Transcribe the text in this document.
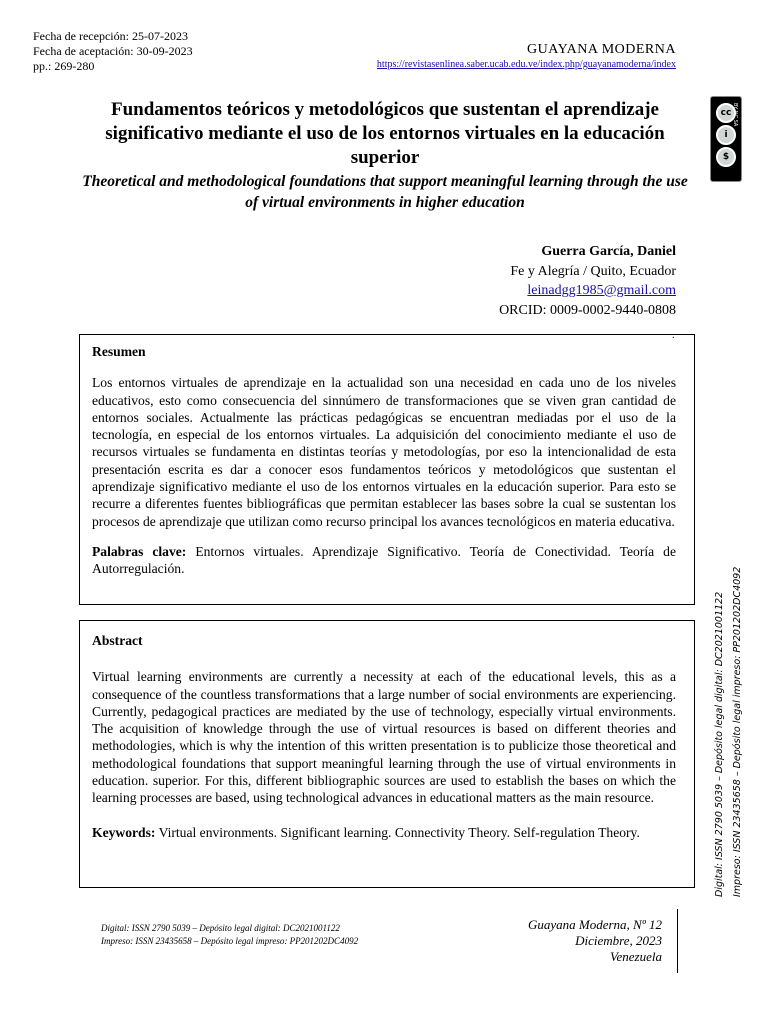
Fecha de recepción: 25-07-2023
Fecha de aceptación: 30-09-2023
pp.: 269-280
GUAYANA MODERNA
https://revistasenlinea.saber.ucab.edu.ve/index.php/guayanamoderna/index
cc
i
$
BY NC SA
Fundamentos teóricos y metodológicos que sustentan el aprendizaje significativo mediante el uso de los entornos virtuales en la educación superior
Theoretical and methodological foundations that support meaningful learning through the use of virtual environments in higher education
Guerra García, Daniel
Fe y Alegría / Quito, Ecuador
leinadgg1985@gmail.com
ORCID: 0009-0002-9440-0808
.
Resumen

Los entornos virtuales de aprendizaje en la actualidad son una necesidad en cada uno de los niveles educativos, esto como consecuencia del sinnúmero de transformaciones que se viven gran cantidad de entornos sociales. Actualmente las prácticas pedagógicas se encuentran mediadas por el uso de la tecnología, en especial de los entornos virtuales. La adquisición del conocimiento mediante el uso de recursos virtuales se fundamenta en distintas teorías y metodologías, por eso la intencionalidad de esta presentación escrita es dar a conocer esos fundamentos teóricos y metodológicos que sustentan el aprendizaje significativo mediante el uso de los entornos virtuales en la educación superior. Para esto se recurre a diferentes fuentes bibliográficas que permitan establecer las bases sobre la cual se sustentan los procesos de aprendizaje que utilizan como recurso principal los avances tecnológicos en materia educativa.

Palabras clave: Entornos virtuales. Aprendizaje Significativo. Teoría de Conectividad. Teoría de Autorregulación.

Abstract

Virtual learning environments are currently a necessity at each of the educational levels, this as a consequence of the countless transformations that a large number of social environments are experiencing. Currently, pedagogical practices are mediated by the use of technology, especially virtual environments. The acquisition of knowledge through the use of virtual resources is based on different theories and methodologies, which is why the intention of this written presentation is to publicize those theoretical and methodological foundations that support meaningful learning through the use of virtual environments in education. superior. For this, different bibliographic sources are used to establish the bases on which the learning processes are based, using technological advances in educational matters as the main resource.

Keywords: Virtual environments. Significant learning. Connectivity Theory. Self-regulation Theory.	Digital: ISSN 2790 5039 – Depósito legal digital: DC2021001122 Impreso: ISSN 23435658 – Depósito legal impreso: PP201202DC4092
Digital: ISSN 2790 5039 – Depósito legal digital: DC2021001122
Impreso: ISSN 23435658 – Depósito legal impreso: PP201202DC4092
Guayana Moderna, Nº 12
Diciembre, 2023
Venezuela
